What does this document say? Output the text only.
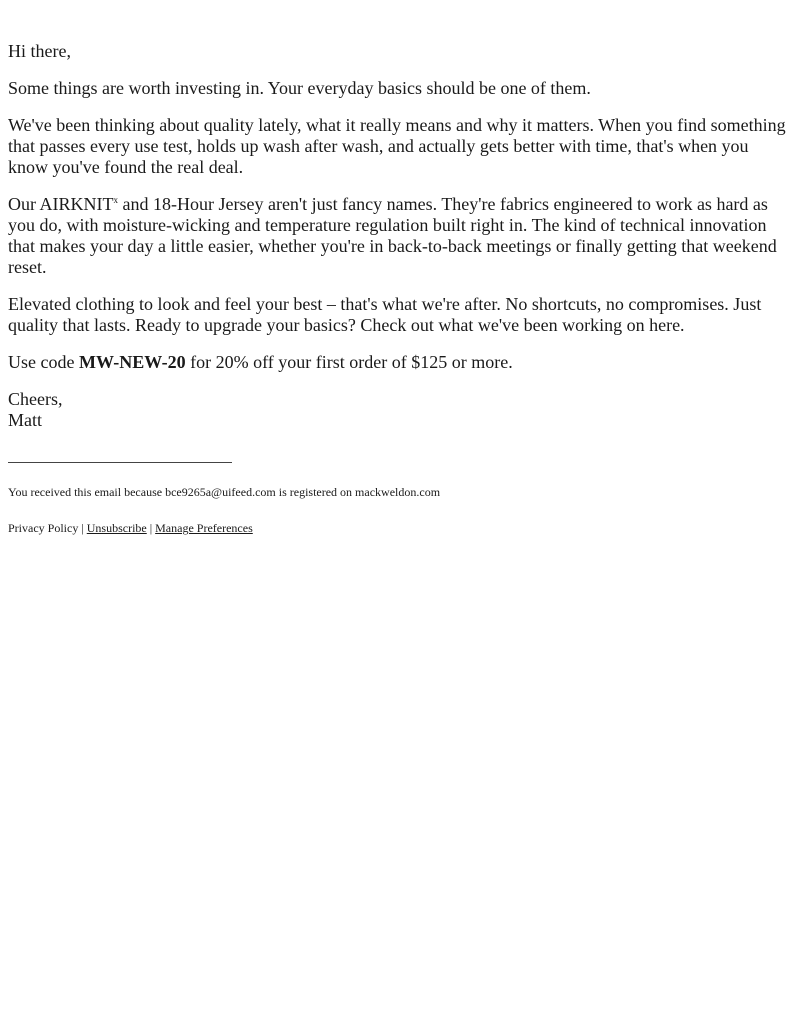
Hi there,

Some things are worth investing in. Your everyday basics should be one of them.

We've been thinking about quality lately, what it really means and why it matters. When you find something that passes every use test, holds up wash after wash, and actually gets better with time, that's when you know you've found the real deal.

Our AIRKNIT$^x$ and 18-Hour Jersey aren't just fancy names. They're fabrics engineered to work as hard as you do, with moisture-wicking and temperature regulation built right in. The kind of technical innovation that makes your day a little easier, whether you're in back-to-back meetings or finally getting that weekend reset.

Elevated clothing to look and feel your best – that's what we're after. No shortcuts, no compromises. Just quality that lasts. Ready to upgrade your basics? Check out what we've been working on here.

Use code MW-NEW-20 for 20% off your first order of $125 or more.

Cheers,

Matt

You received this email because bce9265a@uifeed.com is registered on mackweldon.com
Privacy Policy | Unsubscribe | Manage Preferences
